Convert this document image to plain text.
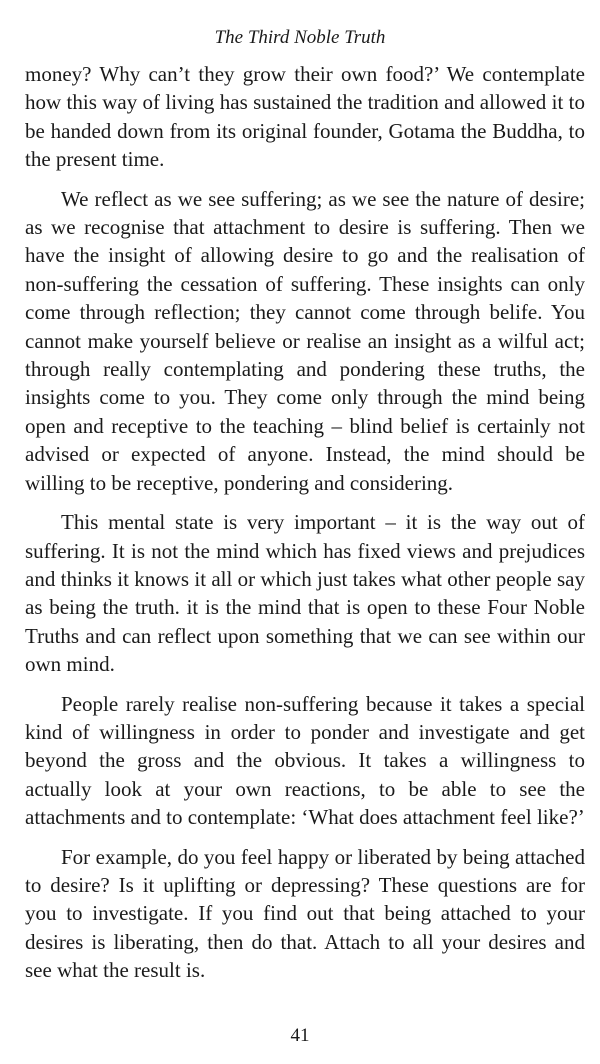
The Third Noble Truth

money? Why can’t they grow their own food?’ We contemplate how this way of living has sustained the tradition and allowed it to be handed down from its original founder, Gotama the Buddha, to the present time.

We reflect as we see suffering; as we see the nature of desire; as we recognise that attachment to desire is suffering. Then we have the insight of allowing desire to go and the realisation of non-suffering the cessation of suffering. These insights can only come through reflection; they cannot come through belife. You cannot make yourself believe or realise an insight as a wilful act; through really contemplating and pondering these truths, the insights come to you. They come only through the mind being open and receptive to the teaching – blind belief is certainly not advised or expected of anyone. Instead, the mind should be willing to be receptive, pondering and considering.

This mental state is very important – it is the way out of suffering. It is not the mind which has fixed views and prejudices and thinks it knows it all or which just takes what other people say as being the truth. it is the mind that is open to these Four Noble Truths and can reflect upon something that we can see within our own mind.

People rarely realise non-suffering because it takes a special kind of willingness in order to ponder and investigate and get beyond the gross and the obvious. It takes a willingness to actually look at your own reactions, to be able to see the attachments and to contemplate: ‘What does attachment feel like?’

For example, do you feel happy or liberated by being attached to desire? Is it uplifting or depressing? These questions are for you to investigate. If you find out that being attached to your desires is liberating, then do that. Attach to all your desires and see what the result is.

41
